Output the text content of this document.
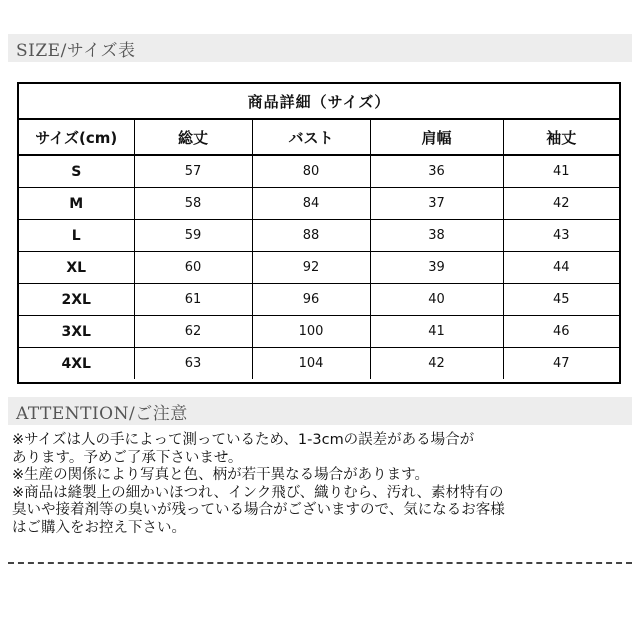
SIZE/サイズ表
商品詳細（サイズ）
サイズ(cm)	総丈	バスト	肩幅	袖丈
S	57	80	36	41
M	58	84	37	42
L	59	88	38	43
XL	60	92	39	44
2XL	61	96	40	45
3XL	62	100	41	46
4XL	63	104	42	47
ATTENTION/ご注意

※サイズは人の手によって測っているため、1-3cmの誤差がある場合が

あります。予めご了承下さいませ。

※生産の関係により写真と色、柄が若干異なる場合があります。

※商品は縫製上の細かいほつれ、インク飛び、織りむら、汚れ、素材特有の

臭いや接着剤等の臭いが残っている場合がございますので、気になるお客様

はご購入をお控え下さい。
